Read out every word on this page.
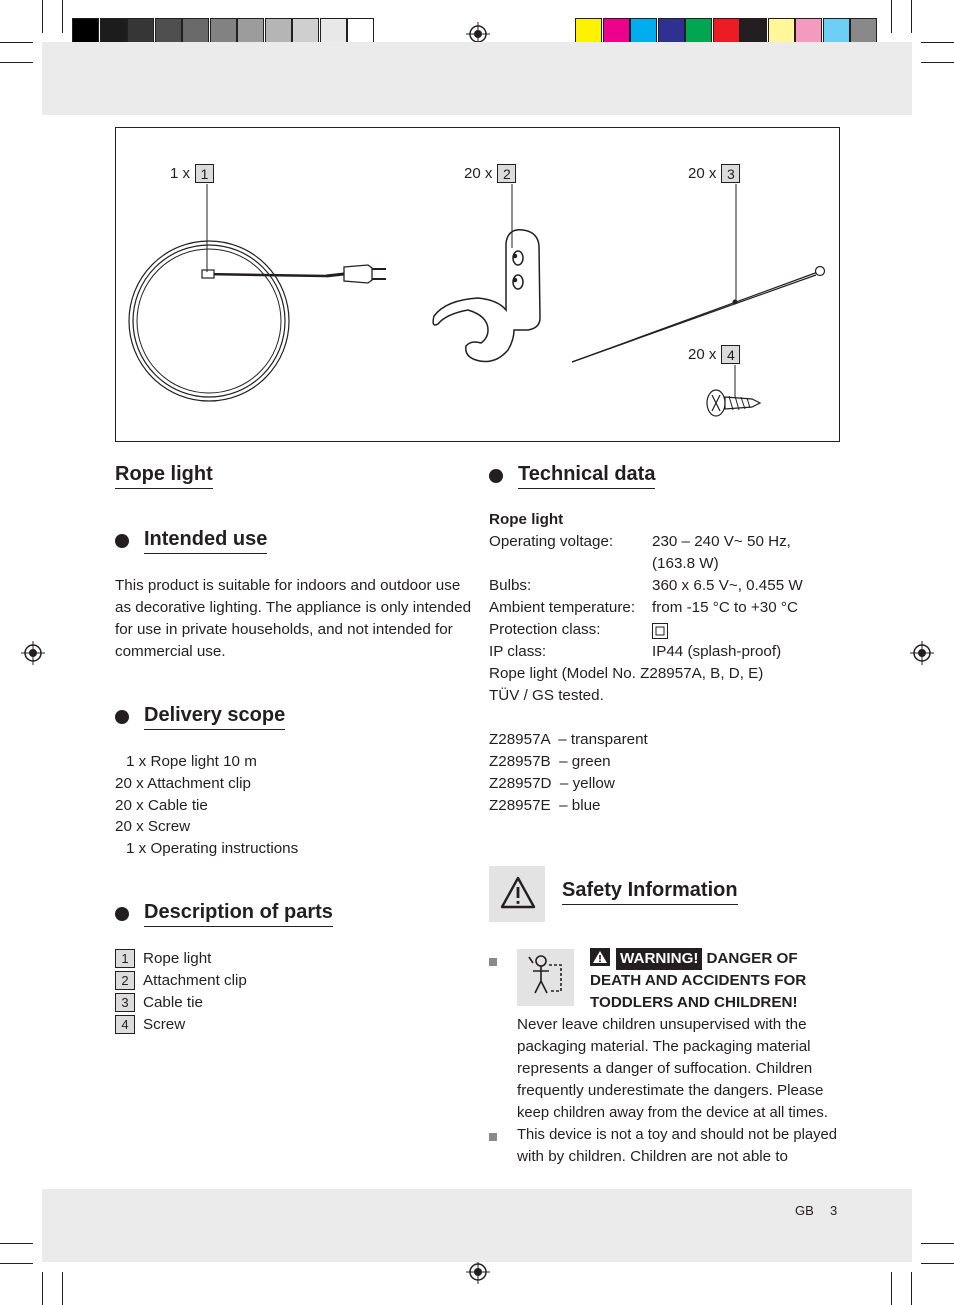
1 x 1	20 x 2	20 x 3
20 x 4
Rope light
Intended use
This product is suitable for indoors and outdoor use
as decorative lighting. The appliance is only intended
for use in private households, and not intended for
commercial use.
Delivery scope
1 x Rope light 10 m
20 x Attachment clip
20 x Cable tie
20 x Screw
1 x Operating instructions
Description of parts
1 Rope light
2 Attachment clip
3 Cable tie
4 Screw
Technical data
Rope light
Operating voltage:	230 – 240 V~ 50 Hz,
(163.8 W)
Bulbs:	360 x 6.5 V~, 0.455 W
Ambient temperature: from -15 °C to +30 °C
Protection class:
IP class:	IP44 (splash-proof)
Rope light (Model No. Z28957A, B, D, E)
TÜV / GS tested.
Z28957A  – transparent
Z28957B  – green
Z28957D  – yellow
Z28957E  – blue
Safety Information
WARNING! DANGER OF
DEATH AND ACCIDENTS FOR
TODDLERS AND CHILDREN!
Never leave children unsupervised with the
packaging material. The packaging material
represents a danger of suffocation. Children
frequently underestimate the dangers. Please
keep children away from the device at all times.
This device is not a toy and should not be played
with by children. Children are not able to
GB 3
